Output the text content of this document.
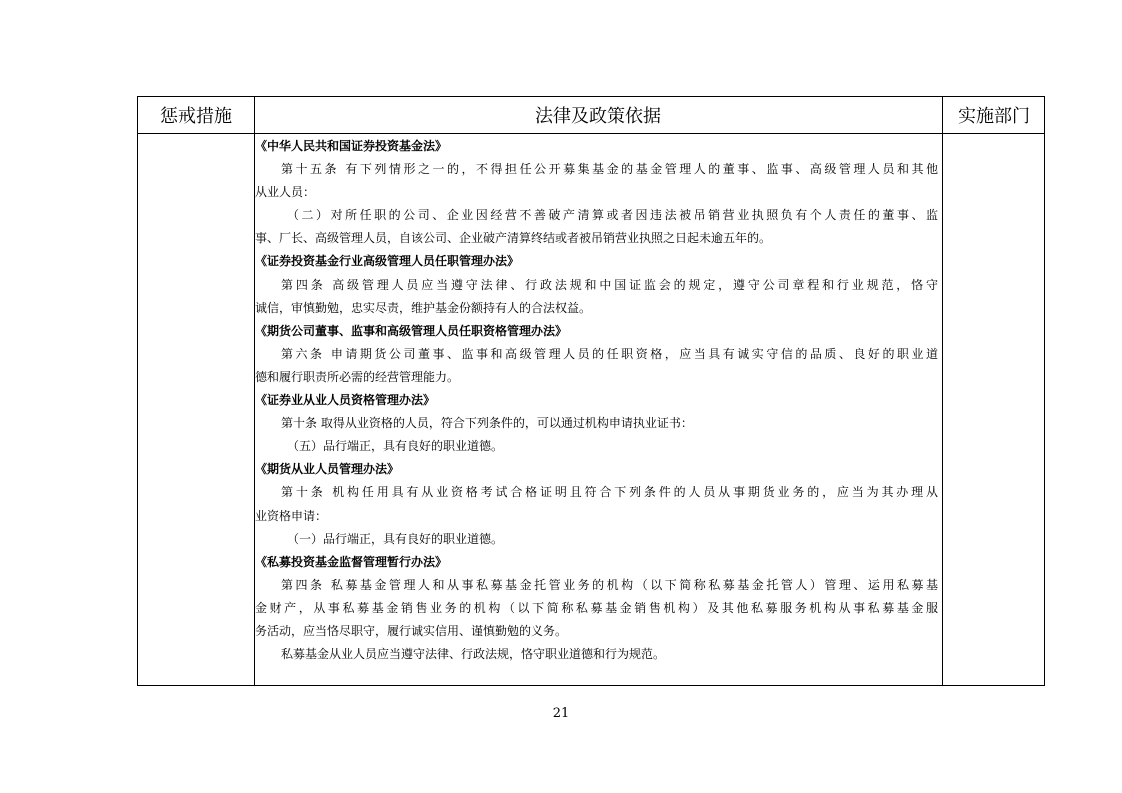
惩戒措施	法律及政策依据	实施部门
《中华人民共和国证券投资基金法》
第十五条 有下列情形之一的，不得担任公开募集基金的基金管理人的董事、监事、高级管理人员和其他
从业人员：
（二）对所任职的公司、企业因经营不善破产清算或者因违法被吊销营业执照负有个人责任的董事、监
事、厂长、高级管理人员，自该公司、企业破产清算终结或者被吊销营业执照之日起未逾五年的。
《证券投资基金行业高级管理人员任职管理办法》
第四条 高级管理人员应当遵守法律、行政法规和中国证监会的规定，遵守公司章程和行业规范，恪守
诚信，审慎勤勉，忠实尽责，维护基金份额持有人的合法权益。
《期货公司董事、监事和高级管理人员任职资格管理办法》
第六条 申请期货公司董事、监事和高级管理人员的任职资格，应当具有诚实守信的品质、良好的职业道
德和履行职责所必需的经营管理能力。
《证券业从业人员资格管理办法》
第十条 取得从业资格的人员，符合下列条件的，可以通过机构申请执业证书：
（五）品行端正，具有良好的职业道德。
《期货从业人员管理办法》
第十条 机构任用具有从业资格考试合格证明且符合下列条件的人员从事期货业务的，应当为其办理从
业资格申请：
（一）品行端正，具有良好的职业道德。
《私募投资基金监督管理暂行办法》
第四条 私募基金管理人和从事私募基金托管业务的机构（以下简称私募基金托管人）管理、运用私募基
金财产，从事私募基金销售业务的机构（以下简称私募基金销售机构）及其他私募服务机构从事私募基金服
务活动，应当恪尽职守，履行诚实信用、谨慎勤勉的义务。
私募基金从业人员应当遵守法律、行政法规，恪守职业道德和行为规范。
21
